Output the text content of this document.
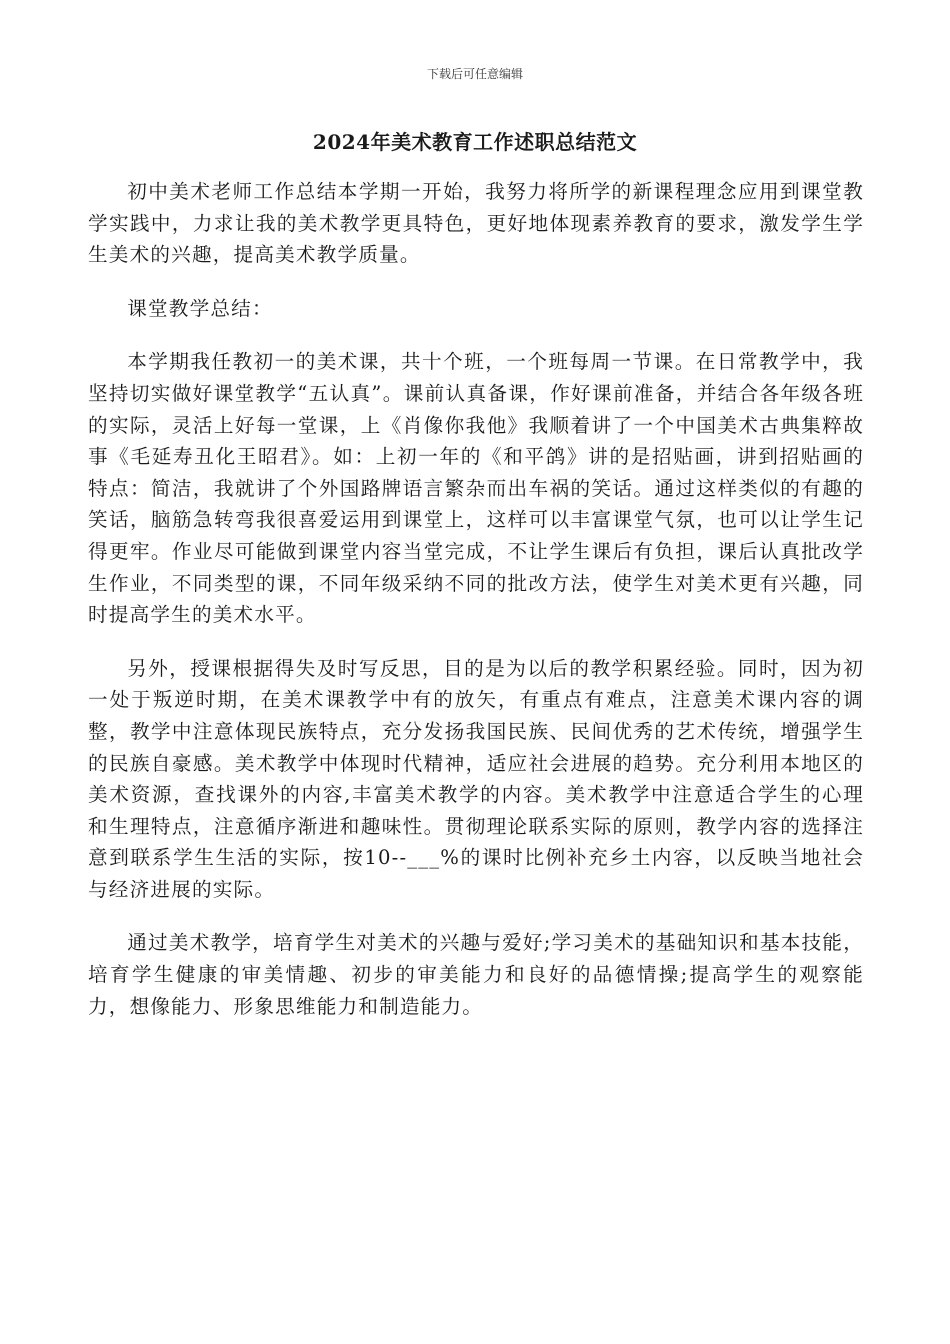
下载后可任意编辑
2024年美术教育工作述职总结范文

初中美术老师工作总结本学期一开始，我努力将所学的新课程理念应用到课堂教学实践中，力求让我的美术教学更具特色，更好地体现素养教育的要求，激发学生学生美术的兴趣，提高美术教学质量。

课堂教学总结：

本学期我任教初一的美术课，共十个班，一个班每周一节课。在日常教学中，我坚持切实做好课堂教学“五认真”。课前认真备课，作好课前准备，并结合各年级各班的实际，灵活上好每一堂课，上《肖像你我他》我顺着讲了一个中国美术古典集粹故事《毛延寿丑化王昭君》。如：上初一年的《和平鸽》讲的是招贴画，讲到招贴画的特点：简洁，我就讲了个外国路牌语言繁杂而出车祸的笑话。通过这样类似的有趣的笑话，脑筋急转弯我很喜爱运用到课堂上，这样可以丰富课堂气氛，也可以让学生记得更牢。作业尽可能做到课堂内容当堂完成，不让学生课后有负担，课后认真批改学生作业，不同类型的课，不同年级采纳不同的批改方法，使学生对美术更有兴趣，同时提高学生的美术水平。

另外，授课根据得失及时写反思，目的是为以后的教学积累经验。同时，因为初一处于叛逆时期，在美术课教学中有的放矢，有重点有难点，注意美术课内容的调整，教学中注意体现民族特点，充分发扬我国民族、民间优秀的艺术传统，增强学生的民族自豪感。美术教学中体现时代精神，适应社会进展的趋势。充分利用本地区的美术资源，查找课外的内容,丰富美术教学的内容。美术教学中注意适合学生的心理和生理特点，注意循序渐进和趣味性。贯彻理论联系实际的原则，教学内容的选择注意到联系学生生活的实际，按10--___%的课时比例补充乡土内容，以反映当地社会与经济进展的实际。

通过美术教学，培育学生对美术的兴趣与爱好;学习美术的基础知识和基本技能，培育学生健康的审美情趣、初步的审美能力和良好的品德情操;提高学生的观察能力，想像能力、形象思维能力和制造能力。
